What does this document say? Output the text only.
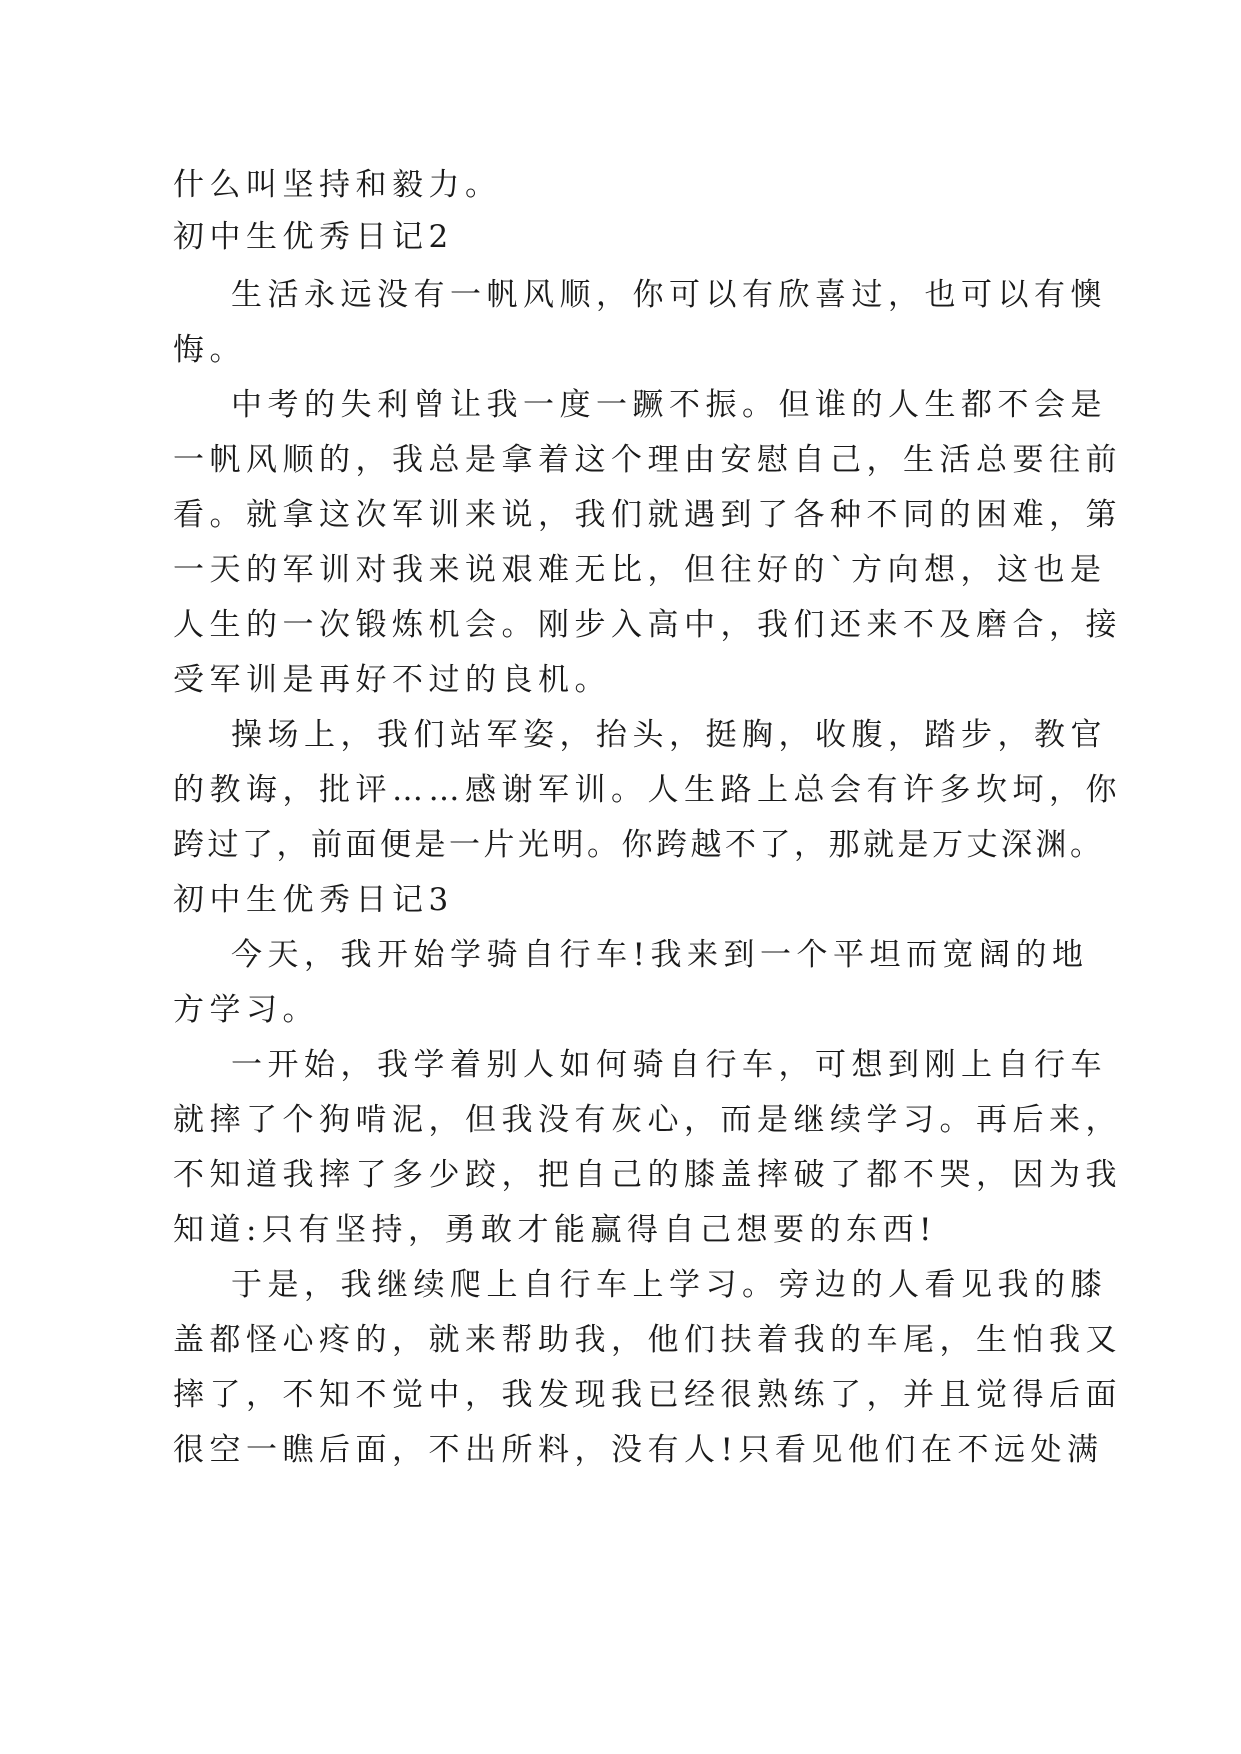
什么叫坚持和毅力。
初中生优秀日记2
生活永远没有一帆风顺，你可以有欣喜过，也可以有懊
悔。
中考的失利曾让我一度一蹶不振。但谁的人生都不会是
一帆风顺的，我总是拿着这个理由安慰自己，生活总要往前
看。就拿这次军训来说，我们就遇到了各种不同的困难，第
一天的军训对我来说艰难无比，但往好的`方向想，这也是
人生的一次锻炼机会。刚步入高中，我们还来不及磨合，接
受军训是再好不过的良机。
操场上，我们站军姿，抬头，挺胸，收腹，踏步，教官
的教诲，批评……感谢军训。人生路上总会有许多坎坷，你
跨过了，前面便是一片光明。你跨越不了，那就是万丈深渊。
初中生优秀日记3
今天，我开始学骑自行车!我来到一个平坦而宽阔的地
方学习。
一开始，我学着别人如何骑自行车，可想到刚上自行车
就摔了个狗啃泥，但我没有灰心，而是继续学习。再后来，
不知道我摔了多少跤，把自己的膝盖摔破了都不哭，因为我
知道:只有坚持，勇敢才能赢得自己想要的东西!
于是，我继续爬上自行车上学习。旁边的人看见我的膝
盖都怪心疼的，就来帮助我，他们扶着我的车尾，生怕我又
摔了，不知不觉中，我发现我已经很熟练了，并且觉得后面
很空一瞧后面，不出所料，没有人!只看见他们在不远处满
